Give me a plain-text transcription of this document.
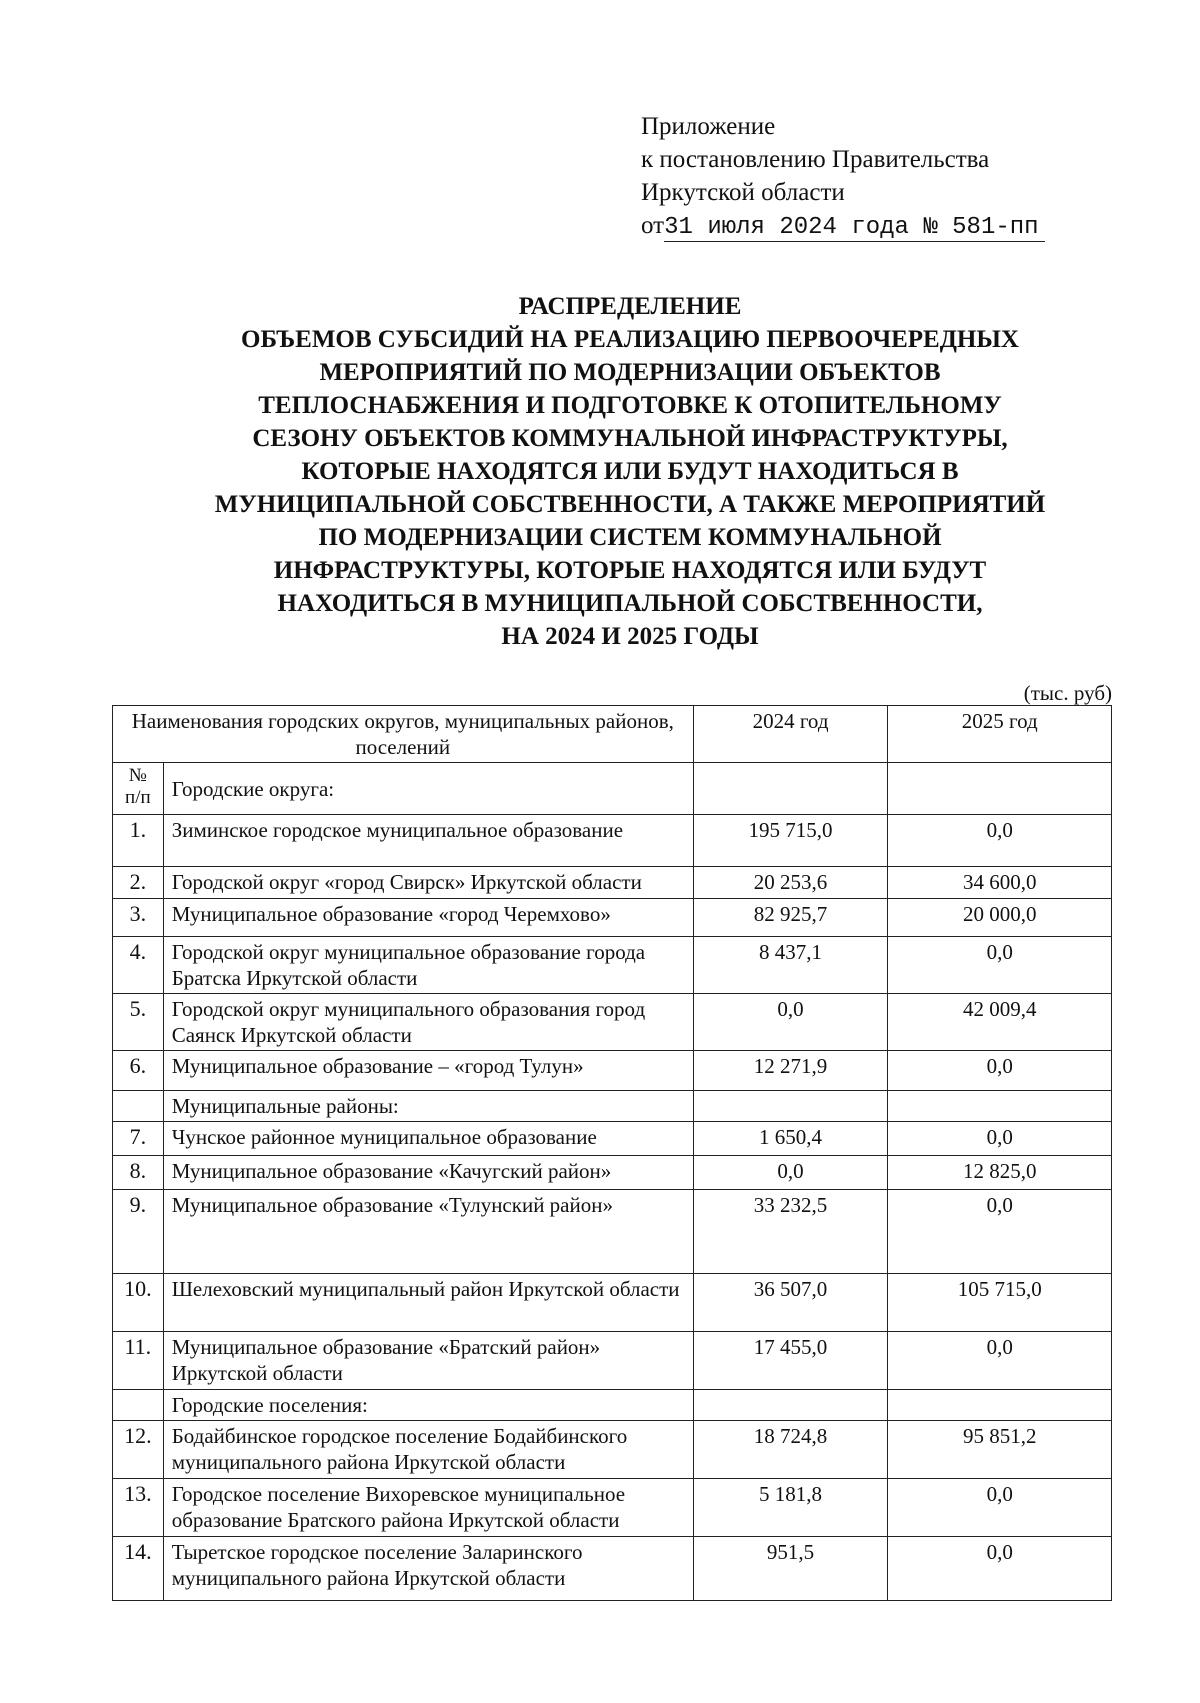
Приложение
к постановлению Правительства
Иркутской области
от31 июля 2024 года № 581-пп
РАСПРЕДЕЛЕНИЕ
ОБЪЕМОВ СУБСИДИЙ НА РЕАЛИЗАЦИЮ ПЕРВООЧЕРЕДНЫХ
МЕРОПРИЯТИЙ ПО МОДЕРНИЗАЦИИ ОБЪЕКТОВ
ТЕПЛОСНАБЖЕНИЯ И ПОДГОТОВКЕ К ОТОПИТЕЛЬНОМУ
СЕЗОНУ ОБЪЕКТОВ КОММУНАЛЬНОЙ ИНФРАСТРУКТУРЫ,
КОТОРЫЕ НАХОДЯТСЯ ИЛИ БУДУТ НАХОДИТЬСЯ В
МУНИЦИПАЛЬНОЙ СОБСТВЕННОСТИ, А ТАКЖЕ МЕРОПРИЯТИЙ
ПО МОДЕРНИЗАЦИИ СИСТЕМ КОММУНАЛЬНОЙ
ИНФРАСТРУКТУРЫ, КОТОРЫЕ НАХОДЯТСЯ ИЛИ БУДУТ
НАХОДИТЬСЯ В МУНИЦИПАЛЬНОЙ СОБСТВЕННОСТИ,
НА 2024 И 2025 ГОДЫ
(тыс. руб)
Наименования городских округов, муниципальных районов, поселений		2024 год	2025 год
№ п/п	Городские округа:		
1.	Зиминское городское муниципальное образование	195 715,0	0,0
2.	Городской округ «город Свирск» Иркутской области	20 253,6	34 600,0
3.	Муниципальное образование «город Черемхово»	82 925,7	20 000,0
4.	Городской округ муниципальное образование города Братска Иркутской области	8 437,1	0,0
5.	Городской округ муниципального образования город Саянск Иркутской области	0,0	42 009,4
6.	Муниципальное образование – «город Тулун»	12 271,9	0,0
	Муниципальные районы:		
7.	Чунское районное муниципальное образование	1 650,4	0,0
8.	Муниципальное образование «Качугский район»	0,0	12 825,0
9.	Муниципальное образование «Тулунский район»	33 232,5	0,0
10.	Шелеховский муниципальный район Иркутской области	36 507,0	105 715,0
11.	Муниципальное образование «Братский район» Иркутской области	17 455,0	0,0
	Городские поселения:		
12.	Бодайбинское городское поселение Бодайбинского муниципального района Иркутской области	18 724,8	95 851,2
13.	Городское поселение Вихоревское муниципальное образование Братского района Иркутской области	5 181,8	0,0
14.	Тыретское городское поселение Заларинского муниципального района Иркутской области	951,5	0,0
